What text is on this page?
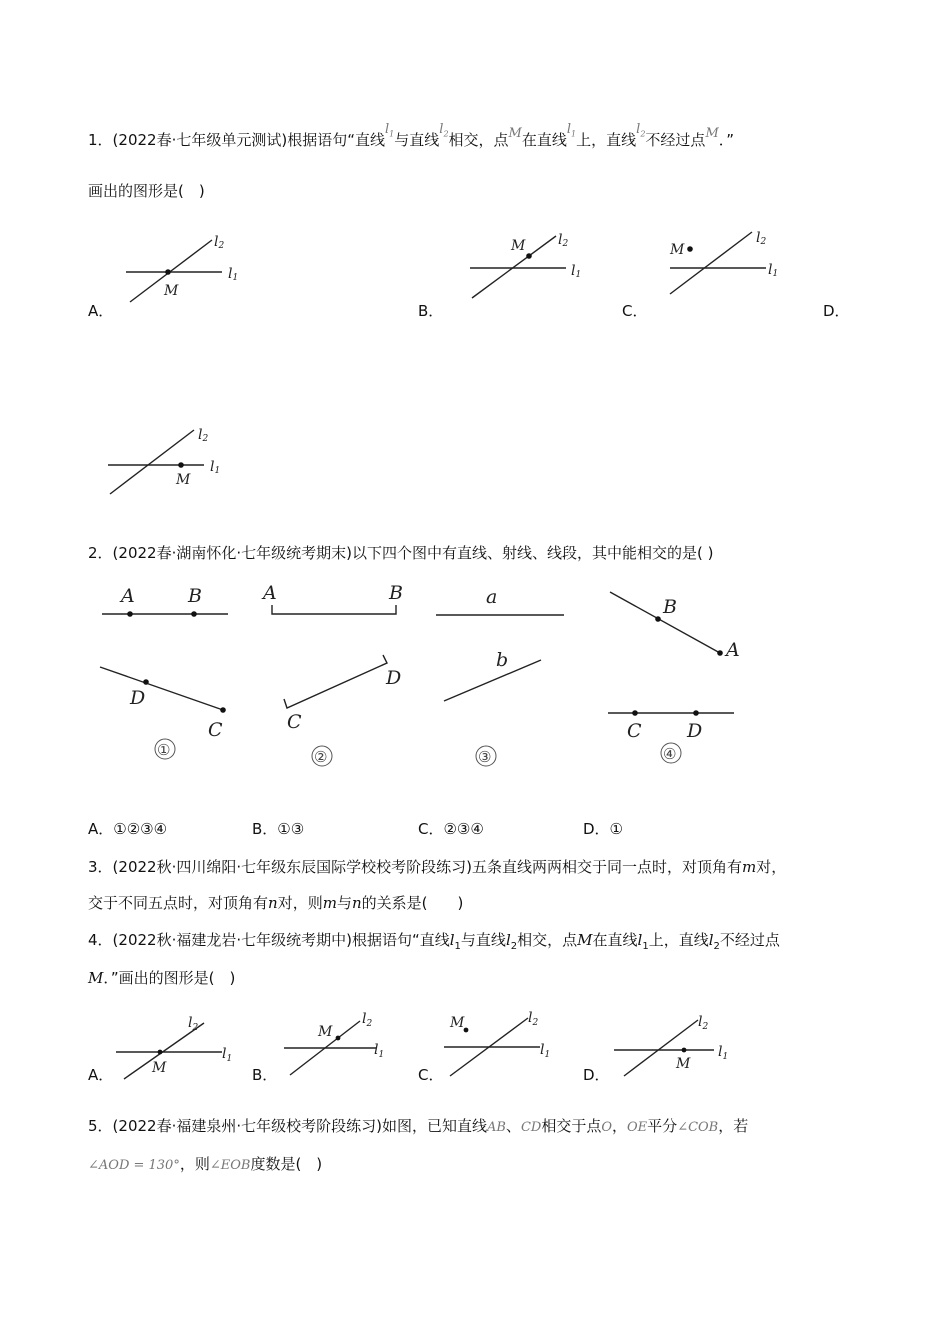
1．(2022春·七年级单元测试)根据语句“直线$l_1$与直线$l_2$相交，点M在直线$l_1$上，直线$l_2$不经过点M．”
画出的图形是(　)
l2
l1
M
A．
l2
l1
M
B．
l2
l1
M
C．	D．
l2
l1
M
2．(2022春·湖南怀化·七年级统考期末)以下四个图中有直线、射线、线段，其中能相交的是( )
A	B
D
C
①
A	B
D
C
②
a
b
③
B
A
C D
④
A．①②③④	B．①③	C．②③④	D．①
3．(2022秋·四川绵阳·七年级东辰国际学校校考阶段练习)五条直线两两相交于同一点时，对顶角有m对，
交于不同五点时，对顶角有n对，则m与n的关系是(　　)
4．(2022秋·福建龙岩·七年级统考期中)根据语句“直线$l_1$与直线$l_2$相交，点M在直线$l_1$上，直线$l_2$不经过点
M．”画出的图形是(　)
$l_2$
$l_1$
M
A．
$l_2$
$l_1$
M
B．
$l_2$
$l_1$
M
C．
$l_2$
$l_1$
M
D．
5．(2022春·福建泉州·七年级校考阶段练习)如图，已知直线AB、CD相交于点O，OE平分∠COB，若
∠AOD = 130°，则∠EOB度数是(　)
